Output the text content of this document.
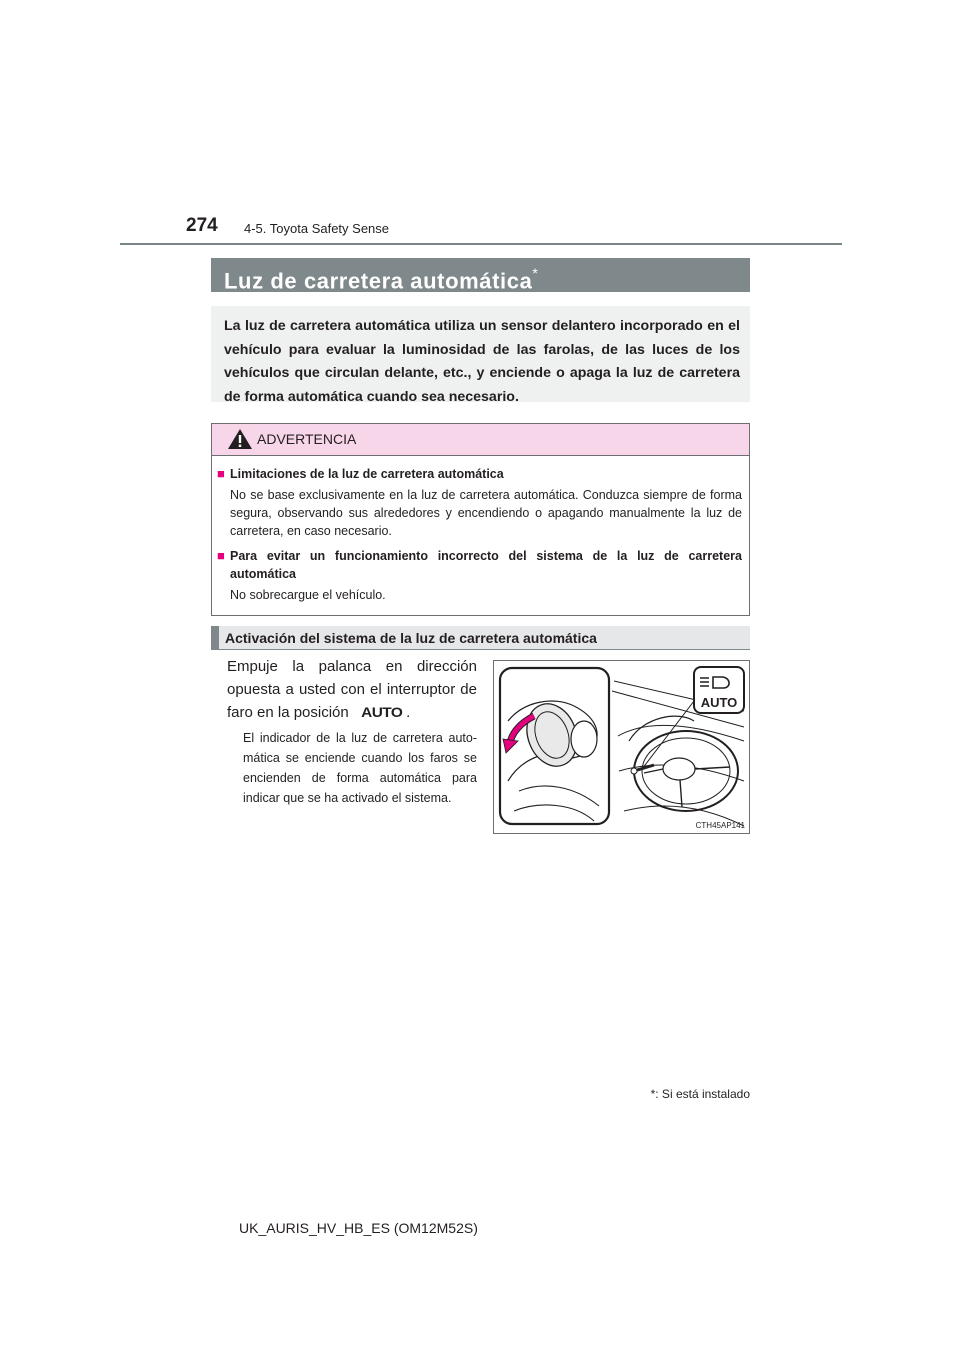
274 4-5. Toyota Safety Sense
Luz de carretera automática*
La luz de carretera automática utiliza un sensor delantero incorporado en el vehículo para evaluar la luminosidad de las farolas, de las luces de los vehículos que circulan delante, etc., y enciende o apaga la luz de carretera de forma automática cuando sea necesario.
ADVERTENCIA
■ Limitaciones de la luz de carretera automática
No se base exclusivamente en la luz de carretera automática. Conduzca siempre de forma segura, observando sus alrededores y encendiendo o apagando manualmente la luz de carretera, en caso necesario.
■ Para evitar un funcionamiento incorrecto del sistema de la luz de carretera automática
No sobrecargue el vehículo.
Activación del sistema de la luz de carretera automática
Empuje la palanca en dirección opuesta a usted con el interruptor de faro en la posición AUTO .
El indicador de la luz de carretera automática se enciende cuando los faros se encienden de forma automática para indicar que se ha activado el sistema.
AUTO
CTH45AP141
*: Si está instalado
UK_AURIS_HV_HB_ES (OM12M52S)
